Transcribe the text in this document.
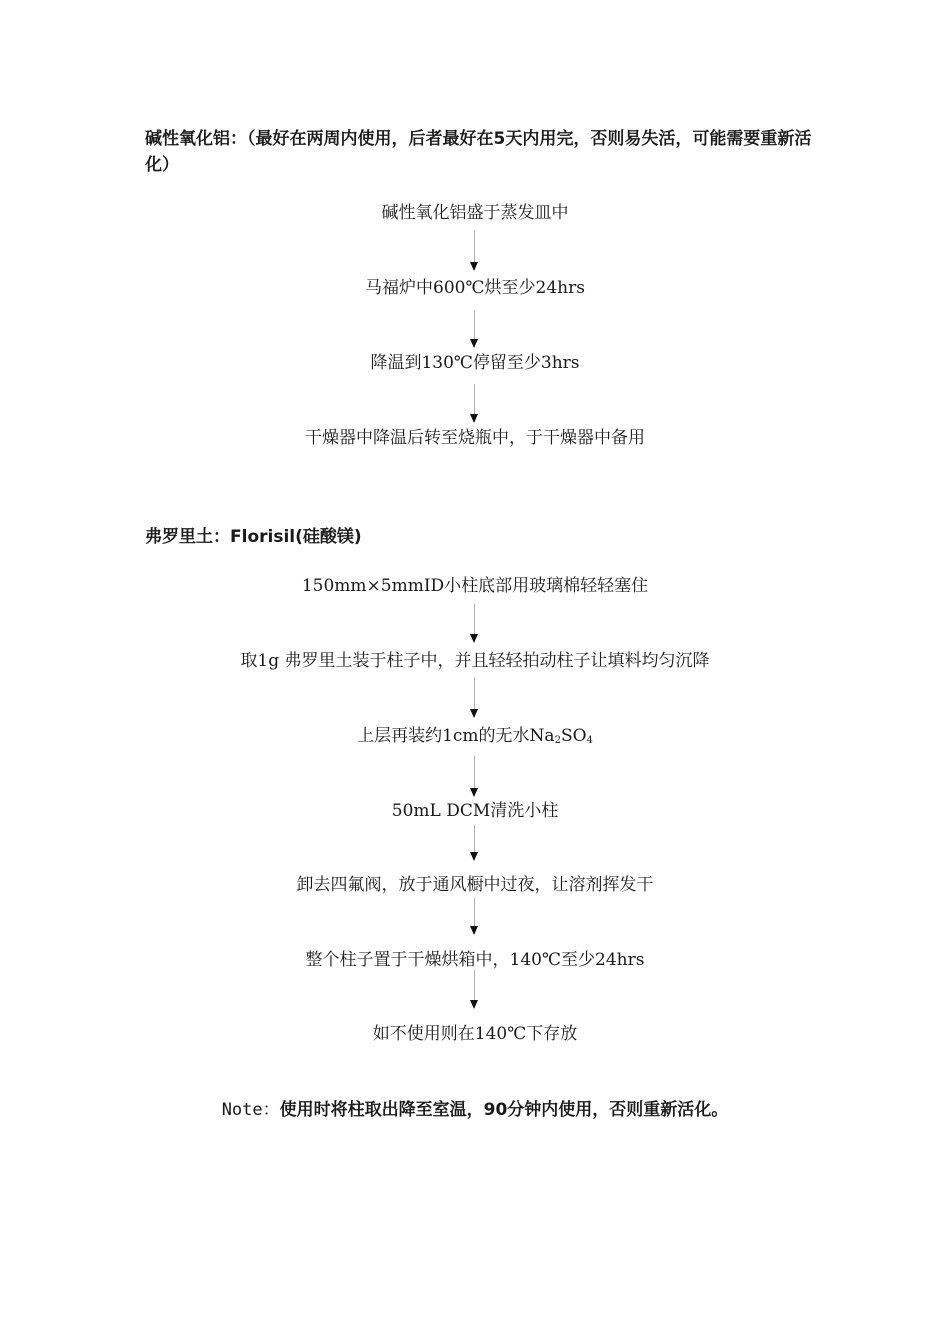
碱性氧化铝：（最好在两周内使用，后者最好在5天内用完，否则易失活，可能需要重新活化）
碱性氧化铝盛于蒸发皿中
马福炉中600℃烘至少24hrs
降温到130℃停留至少3hrs
干燥器中降温后转至烧瓶中，于干燥器中备用
弗罗里土：Florisil(硅酸镁)
150mm×5mmID小柱底部用玻璃棉轻轻塞住
取1g 弗罗里土装于柱子中，并且轻轻拍动柱子让填料均匀沉降
上层再装约1cm的无水$Na_2SO_4$
50mL DCM清洗小柱
卸去四氟阀，放于通风橱中过夜，让溶剂挥发干
整个柱子置于干燥烘箱中，140℃至少24hrs
如不使用则在140℃下存放
Note：使用时将柱取出降至室温，90分钟内使用，否则重新活化。
